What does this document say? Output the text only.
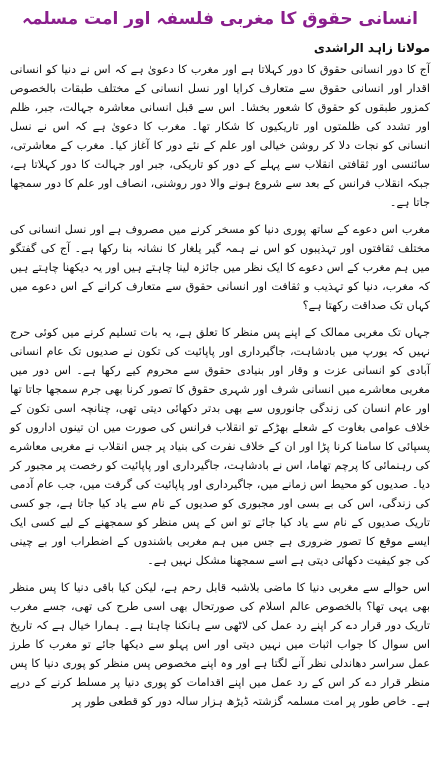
انسانی حقوق کا مغربی فلسفہ اور امت مسلمہ
مولانا زاہد الراشدی

آج کا دور انسانی حقوق کا دور کہلاتا ہے اور مغرب کا دعویٰ ہے کہ اس نے دنیا کو انسانی اقدار اور انسانی حقوق سے متعارف کرایا اور نسل انسانی کے مختلف طبقات بالخصوص کمزور طبقوں کو حقوق کا شعور بخشا۔ اس سے قبل انسانی معاشرہ جہالت، جبر، ظلم اور تشدد کی ظلمتوں اور تاریکیوں کا شکار تھا۔ مغرب کا دعویٰ ہے کہ اس نے نسل انسانی کو نجات دلا کر روشن خیالی اور علم کے نئے دور کا آغاز کیا۔ مغرب کے معاشرتی، سائنسی اور ثقافتی انقلاب سے پہلے کے دور کو تاریکی، جبر اور جہالت کا دور کہلاتا ہے، جبکہ انقلاب فرانس کے بعد سے شروع ہونے والا دور روشنی، انصاف اور علم کا دور سمجھا جاتا ہے۔

مغرب اس دعوے کے ساتھ پوری دنیا کو مسخر کرنے میں مصروف ہے اور نسل انسانی کی مختلف ثقافتوں اور تہذیبوں کو اس نے ہمہ گیر یلغار کا نشانہ بنا رکھا ہے۔ آج کی گفتگو میں ہم مغرب کے اس دعوے کا ایک نظر میں جائزہ لینا چاہتے ہیں اور یہ دیکھنا چاہتے ہیں کہ مغرب، دنیا کو تہذیب و ثقافت اور انسانی حقوق سے متعارف کرانے کے اس دعوے میں کہاں تک صداقت رکھتا ہے؟

جہاں تک مغربی ممالک کے اپنے پس منظر کا تعلق ہے، یہ بات تسلیم کرنے میں کوئی حرج نہیں کہ یورپ میں بادشاہت، جاگیرداری اور پاپائیت کی تکون نے صدیوں تک عام انسانی آبادی کو انسانی عزت و وقار اور بنیادی حقوق سے محروم کیے رکھا ہے۔ اس دور میں مغربی معاشرے میں انسانی شرف اور شہری حقوق کا تصور کرنا بھی جرم سمجھا جاتا تھا اور عام انسان کی زندگی جانوروں سے بھی بدتر دکھائی دیتی تھی، چنانچہ اسی تکون کے خلاف عوامی بغاوت کے شعلے بھڑکے تو انقلاب فرانس کی صورت میں ان تینوں اداروں کو پسپائی کا سامنا کرنا پڑا اور ان کے خلاف نفرت کی بنیاد پر جس انقلاب نے مغربی معاشرے کی رہنمائی کا پرچم تھاما، اس نے بادشاہت، جاگیرداری اور پاپائیت کو رخصت پر مجبور کر دیا۔ صدیوں کو محیط اس زمانے میں، جاگیرداری اور پاپائیت کی گرفت میں، جب عام آدمی کی زندگی، اس کی بے بسی اور مجبوری کو صدیوں کے نام سے یاد کیا جاتا ہے، جو کسی تاریک صدیوں کے نام سے یاد کیا جائے تو اس کے پس منظر کو سمجھنے کے لیے کسی ایک ایسے موقع کا تصور ضروری ہے جس میں ہم مغربی باشندوں کے اضطراب اور بے چینی کی جو کیفیت دکھائی دیتی ہے اسے سمجھنا مشکل نہیں ہے۔

اس حوالے سے مغربی دنیا کا ماضی بلاشبہ قابل رحم ہے، لیکن کیا باقی دنیا کا پس منظر بھی یہی تھا؟ بالخصوص عالم اسلام کی صورتحال بھی اسی طرح کی تھی، جسے مغرب تاریک دور قرار دے کر اپنے رد عمل کی لاٹھی سے ہانکنا چاہتا ہے۔ ہمارا خیال ہے کہ تاریخ اس سوال کا جواب اثبات میں نہیں دیتی اور اس پہلو سے دیکھا جائے تو مغرب کا طرز عمل سراسر دھاندلی نظر آنے لگتا ہے اور وہ اپنے مخصوص پس منظر کو پوری دنیا کا پس منظر قرار دے کر اس کے رد عمل میں اپنے اقدامات کو پوری دنیا پر مسلط کرنے کے درپے ہے۔ خاص طور پر امت مسلمہ گزشتہ ڈیڑھ ہزار سالہ دور کو قطعی طور پر
